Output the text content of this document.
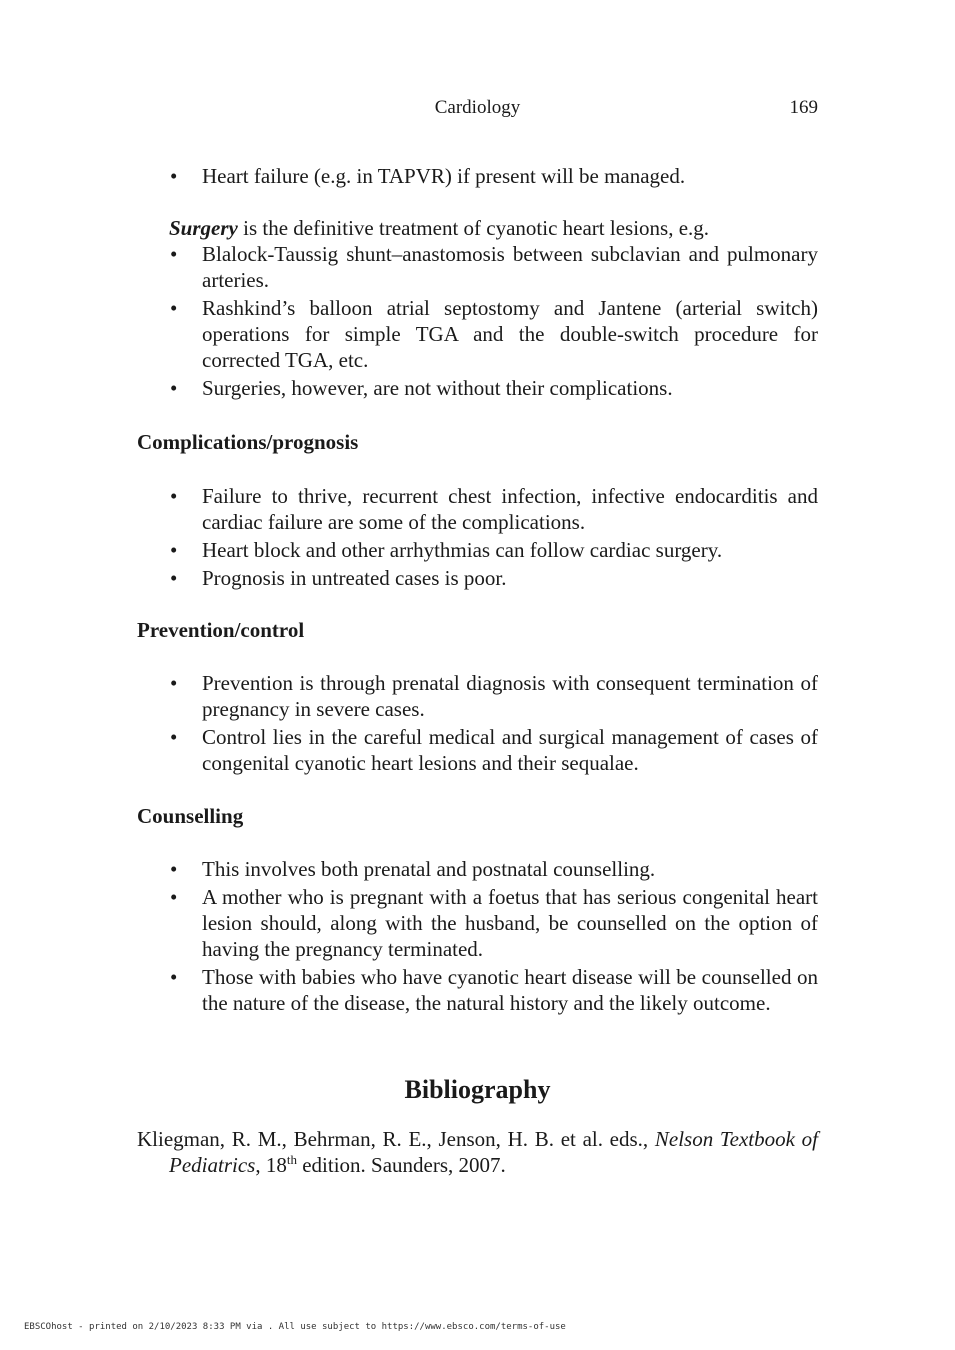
Cardiology	169
• Heart failure (e.g. in TAPVR) if present will be managed.

Surgery is the definitive treatment of cyanotic heart lesions, e.g.

• Blalock-Taussig shunt–anastomosis between subclavian and pulmonary arteries.
• Rashkind’s balloon atrial septostomy and Jantene (arterial switch) operations for simple TGA and the double-switch procedure for corrected TGA, etc.
• Surgeries, however, are not without their complications.
Complications/prognosis
• Failure to thrive, recurrent chest infection, infective endocarditis and cardiac failure are some of the complications.
• Heart block and other arrhythmias can follow cardiac surgery.
• Prognosis in untreated cases is poor.
Prevention/control
• Prevention is through prenatal diagnosis with consequent termination of pregnancy in severe cases.
• Control lies in the careful medical and surgical management of cases of congenital cyanotic heart lesions and their sequalae.
Counselling
• This involves both prenatal and postnatal counselling.
• A mother who is pregnant with a foetus that has serious congenital heart lesion should, along with the husband, be counselled on the option of having the pregnancy terminated.
• Those with babies who have cyanotic heart disease will be counselled on the nature of the disease, the natural history and the likely outcome.
Bibliography
Kliegman, R. M., Behrman, R. E., Jenson, H. B. et al. eds., Nelson Textbook of Pediatrics, 18th edition. Saunders, 2007.
EBSCOhost - printed on 2/10/2023 8:33 PM via . All use subject to https://www.ebsco.com/terms-of-use
